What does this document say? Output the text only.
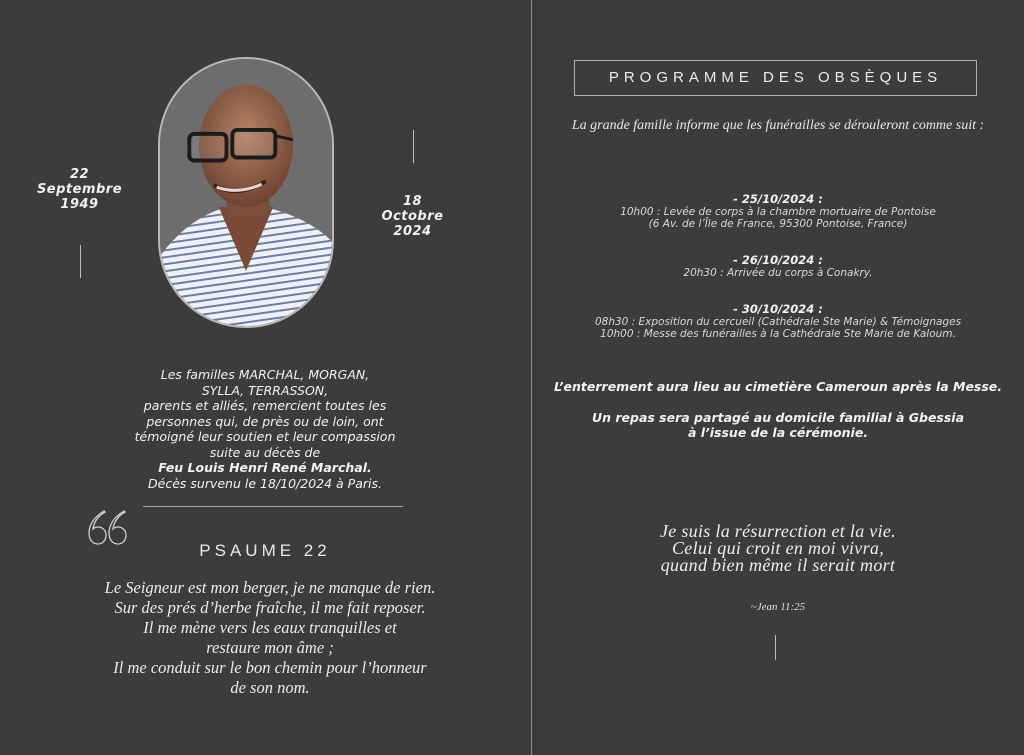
22
Septembre
1949	18
Octobre
2024
Les familles MARCHAL, MORGAN,
SYLLA, TERRASSON,
parents et alliés, remercient toutes les
personnes qui, de près ou de loin, ont
témoigné leur soutien et leur compassion
suite au décès de
Feu Louis Henri René Marchal.
Décès survenu le 18/10/2024 à Paris.
PSAUME 22
Le Seigneur est mon berger, je ne manque de rien.
Sur des prés d’herbe fraîche, il me fait reposer.
Il me mène vers les eaux tranquilles et
restaure mon âme ;
Il me conduit sur le bon chemin pour l’honneur
de son nom.
PROGRAMME DES OBSÈQUES
La grande famille informe que les funérailles se dérouleront comme suit :
- 25/10/2024 :
10h00 : Levée de corps à la chambre mortuaire de Pontoise
(6 Av. de l’Île de France, 95300 Pontoise, France)
- 26/10/2024 :
20h30 : Arrivée du corps à Conakry.
- 30/10/2024 :
08h30 : Exposition du cercueil (Cathédrale Ste Marie) & Témoignages
10h00 : Messe des funérailles à la Cathédrale Ste Marie de Kaloum.
L’enterrement aura lieu au cimetière Cameroun après la Messe.
Un repas sera partagé au domicile familial à Gbessia
à l’issue de la cérémonie.
Je suis la résurrection et la vie.
Celui qui croit en moi vivra,
quand bien même il serait mort
~Jean 11:25
